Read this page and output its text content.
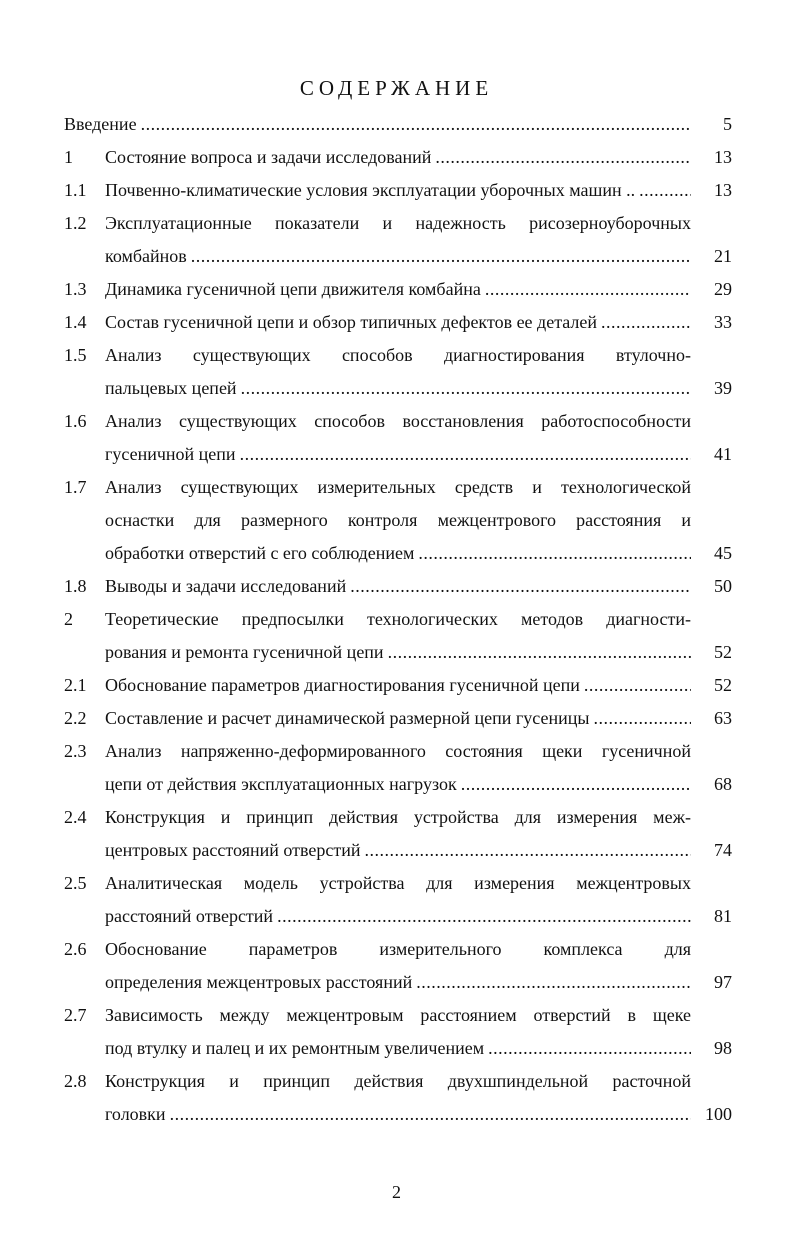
СОДЕРЖАНИЕ
Введение . . .	5
1	Состояние вопроса и задачи исследований . . .	13
1.1	Почвенно-климатические условия эксплуатации уборочных машин .. . . .	13
1.2	Эксплуатационные показатели и надежность рисозерноуборочных
комбайнов . . .	21
1.3	Динамика гусеничной цепи движителя комбайна . . .	29
1.4	Состав гусеничной цепи и обзор типичных дефектов ее деталей . . .	33
1.5	Анализ существующих способов диагностирования втулочно-
пальцевых цепей . . .	39
1.6	Анализ существующих способов восстановления работоспособности
гусеничной цепи . . .	41
1.7	Анализ существующих измерительных средств и технологической
оснастки для размерного контроля межцентрового расстояния и
обработки отверстий с его соблюдением . . .	45
1.8	Выводы и задачи исследований . . .	50
2	Теоретические предпосылки технологических методов диагности-
рования и ремонта гусеничной цепи . . .	52
2.1	Обоснование параметров диагностирования гусеничной цепи . . .	52
2.2	Составление и расчет динамической размерной цепи гусеницы . . .	63
2.3	Анализ напряженно-деформированного состояния щеки гусеничной
цепи от действия эксплуатационных нагрузок . . .	68
2.4	Конструкция и принцип действия устройства для измерения меж-
центровых расстояний отверстий . . .	74
2.5	Аналитическая модель устройства для измерения межцентровых
расстояний отверстий . . .	81
2.6	Обоснование параметров измерительного комплекса для
определения межцентровых расстояний . . .	97
2.7	Зависимость между межцентровым расстоянием отверстий в щеке
под втулку и палец и их ремонтным увеличением . . .	98
2.8	Конструкция и принцип действия двухшпиндельной расточной
головки . . .	100
2
